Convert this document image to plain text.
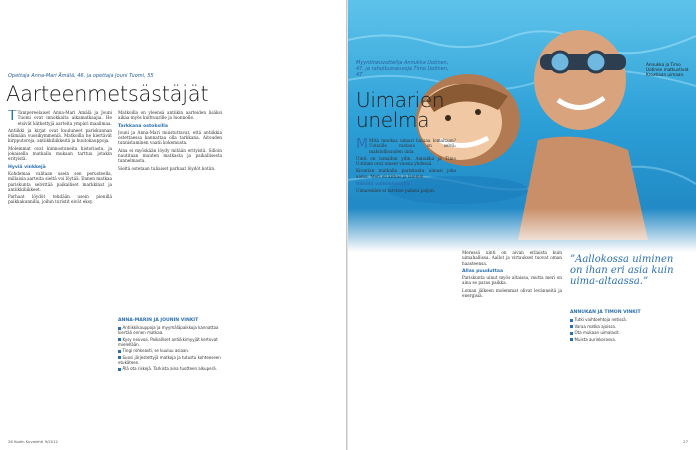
Opettaja Anna-Mari Ämälä, 46, ja opettaja Jouni Tuomi, 55
Aarteenmetsästäjät

T Tampereelaiset Anna-Mari Ämälä ja Jouni Tuomi ovat innokkaita aikamatkaajia. He etsivät kätkettyjä aarteita ympäri maailmaa.

Antiikki ja kirjat ovat kuuluneet pariskunnan elämään vuosikymmeniä. Matkoilla he kiertävät kirpputoreja, antiikkiliikkeitä ja huutokauppoja.

Molemmat ovat kiinnostuneita historiasta, ja jokaisella matkalla mukaan tarttuu jotakin erityistä.

Hyviä vinkkejä

Kohdemaa valitaan usein sen perusteella, millaisia aarteita sieltä voi löytää. Ennen matkaa pariskunta selvittää paikalliset markkinat ja antiikkiliikkeet.

Parhaat löydöt tehdään usein pienillä paikkakunnilla, joihin turistit eivät eksy.

Matkoilla on yleensä antiikin aarteiden lisäksi aikaa myös kulttuurille ja luonnolle.

Tarkkana ostoksilla

Jouni ja Anna-Mari muistuttavat, että antiikkia ostettaessa kannattaa olla tarkkana. Aitouden tunnistaminen vaatii kokemusta.

Aina ei myöskään löydy mitään erityistä. Silloin nautitaan muuten matkasta ja paikallisesta tunnelmasta.

Sieltä ostetaan tuliaiset parhaat löydöt kotiin.

ANNA-MARIN JA JOUNIN VINKIT
Antiikkikauppoja ja myymäläpaikkoja kannattaa kiertää ennen matkaa.
Kysy neuvoa. Paikalliset antiikkimyyjät kertovat mielellään.
Tingi rohkeasti, se kuuluu asiaan.
Suosi järjestettyjä matkoja ja tutustu kohteeseen etukäteen.
Älä ota riskejä. Tarkista aina tuotteen alkuperä.
26 Kodin Kuvalehti 9/2012
Annukka ja Timo Uotinen matkustivat Kroatiaan uimaan.
Myyntineuvottelija Annukka Uotinen, 47, ja rahoitusneuvoja Timo Uotinen, 47
Uimarien
unelma

M Mitä innokas uimari haluaa lomaltaan? Uotisille vastaus on selvä: mahdollisuuden uida.

Uinti on lomailun ydin. Annukka ja Timo Uotinen ovat uineet vuosia yhdessä.

Kroatian matkalla pariskunta uimasi joka aamu. Meri oli kirkas ja lämmin.

Vähillä valmisteluilla

Uimareiden ei tarvitse pakata paljon.

Meressä uinti on aivan erilaista kuin uimahallissa. Aallot ja virtaukset tuovat oman haasteensa.

Allas puuduttaa

Pariskunta uinut myös altaissa, mutta meri on aina se paras paikka.

Loman jälkeen molemmat olivat levänneitä ja energisiä.

”Aallokossa uiminen on ihan eri asia kuin uima-altaassa.”
ANNUKAN JA TIMON VINKIT
Tutki vaihtoehtoja netissä.
Varaa matka ajoissa.
Ota mukaan uimalasit.
Muista aurinkorasva.
27
